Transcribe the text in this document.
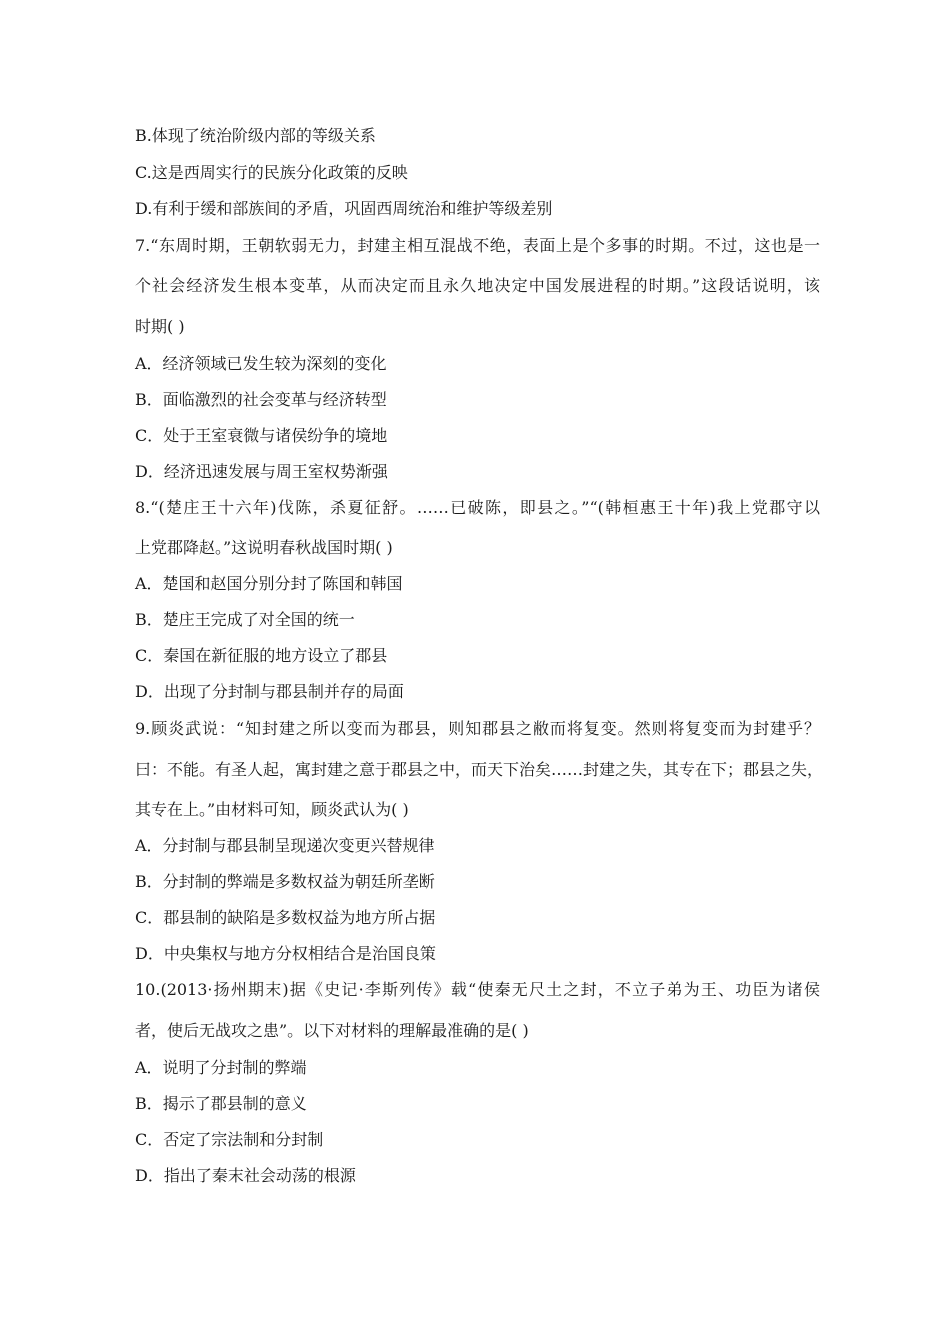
B.体现了统治阶级内部的等级关系
C.这是西周实行的民族分化政策的反映
D.有利于缓和部族间的矛盾，巩固西周统治和维护等级差别
7.“东周时期，王朝软弱无力，封建主相互混战不绝，表面上是个多事的时期。不过，这也是一
个社会经济发生根本变革，从而决定而且永久地决定中国发展进程的时期。”这段话说明，该
时期( )
A．经济领域已发生较为深刻的变化
B．面临激烈的社会变革与经济转型
C．处于王室衰微与诸侯纷争的境地
D．经济迅速发展与周王室权势渐强
8.“(楚庄王十六年)伐陈，杀夏征舒。……已破陈，即县之。”“(韩桓惠王十年)我上党郡守以
上党郡降赵。”这说明春秋战国时期( )
A．楚国和赵国分别分封了陈国和韩国
B．楚庄王完成了对全国的统一
C．秦国在新征服的地方设立了郡县
D．出现了分封制与郡县制并存的局面
9.顾炎武说：“知封建之所以变而为郡县，则知郡县之敝而将复变。然则将复变而为封建乎？
曰：不能。有圣人起，寓封建之意于郡县之中，而天下治矣……封建之失，其专在下；郡县之失，
其专在上。”由材料可知，顾炎武认为( )
A．分封制与郡县制呈现递次变更兴替规律
B．分封制的弊端是多数权益为朝廷所垄断
C．郡县制的缺陷是多数权益为地方所占据
D．中央集权与地方分权相结合是治国良策
10.(2013·扬州期末)据《史记·李斯列传》载“使秦无尺土之封，不立子弟为王、功臣为诸侯
者，使后无战攻之患”。以下对材料的理解最准确的是( )
A．说明了分封制的弊端
B．揭示了郡县制的意义
C．否定了宗法制和分封制
D．指出了秦末社会动荡的根源
